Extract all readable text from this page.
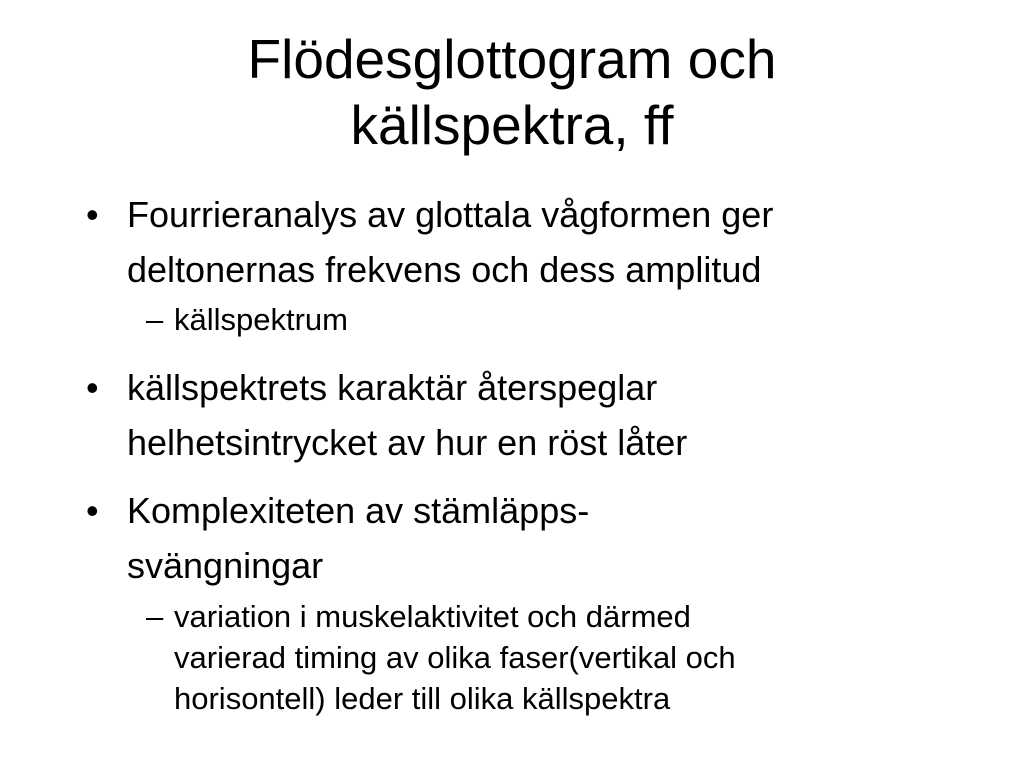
Flödesglottogram och
källspektra, ff
• Fourrieranalys av glottala vågformen ger
deltonernas frekvens och dess amplitud
– källspektrum
• källspektrets karaktär återspeglar
helhetsintrycket av hur en röst låter
• Komplexiteten av stämläpps-
svängningar
– variation i muskelaktivitet och därmed
varierad timing av olika faser(vertikal och
horisontell) leder till olika källspektra
